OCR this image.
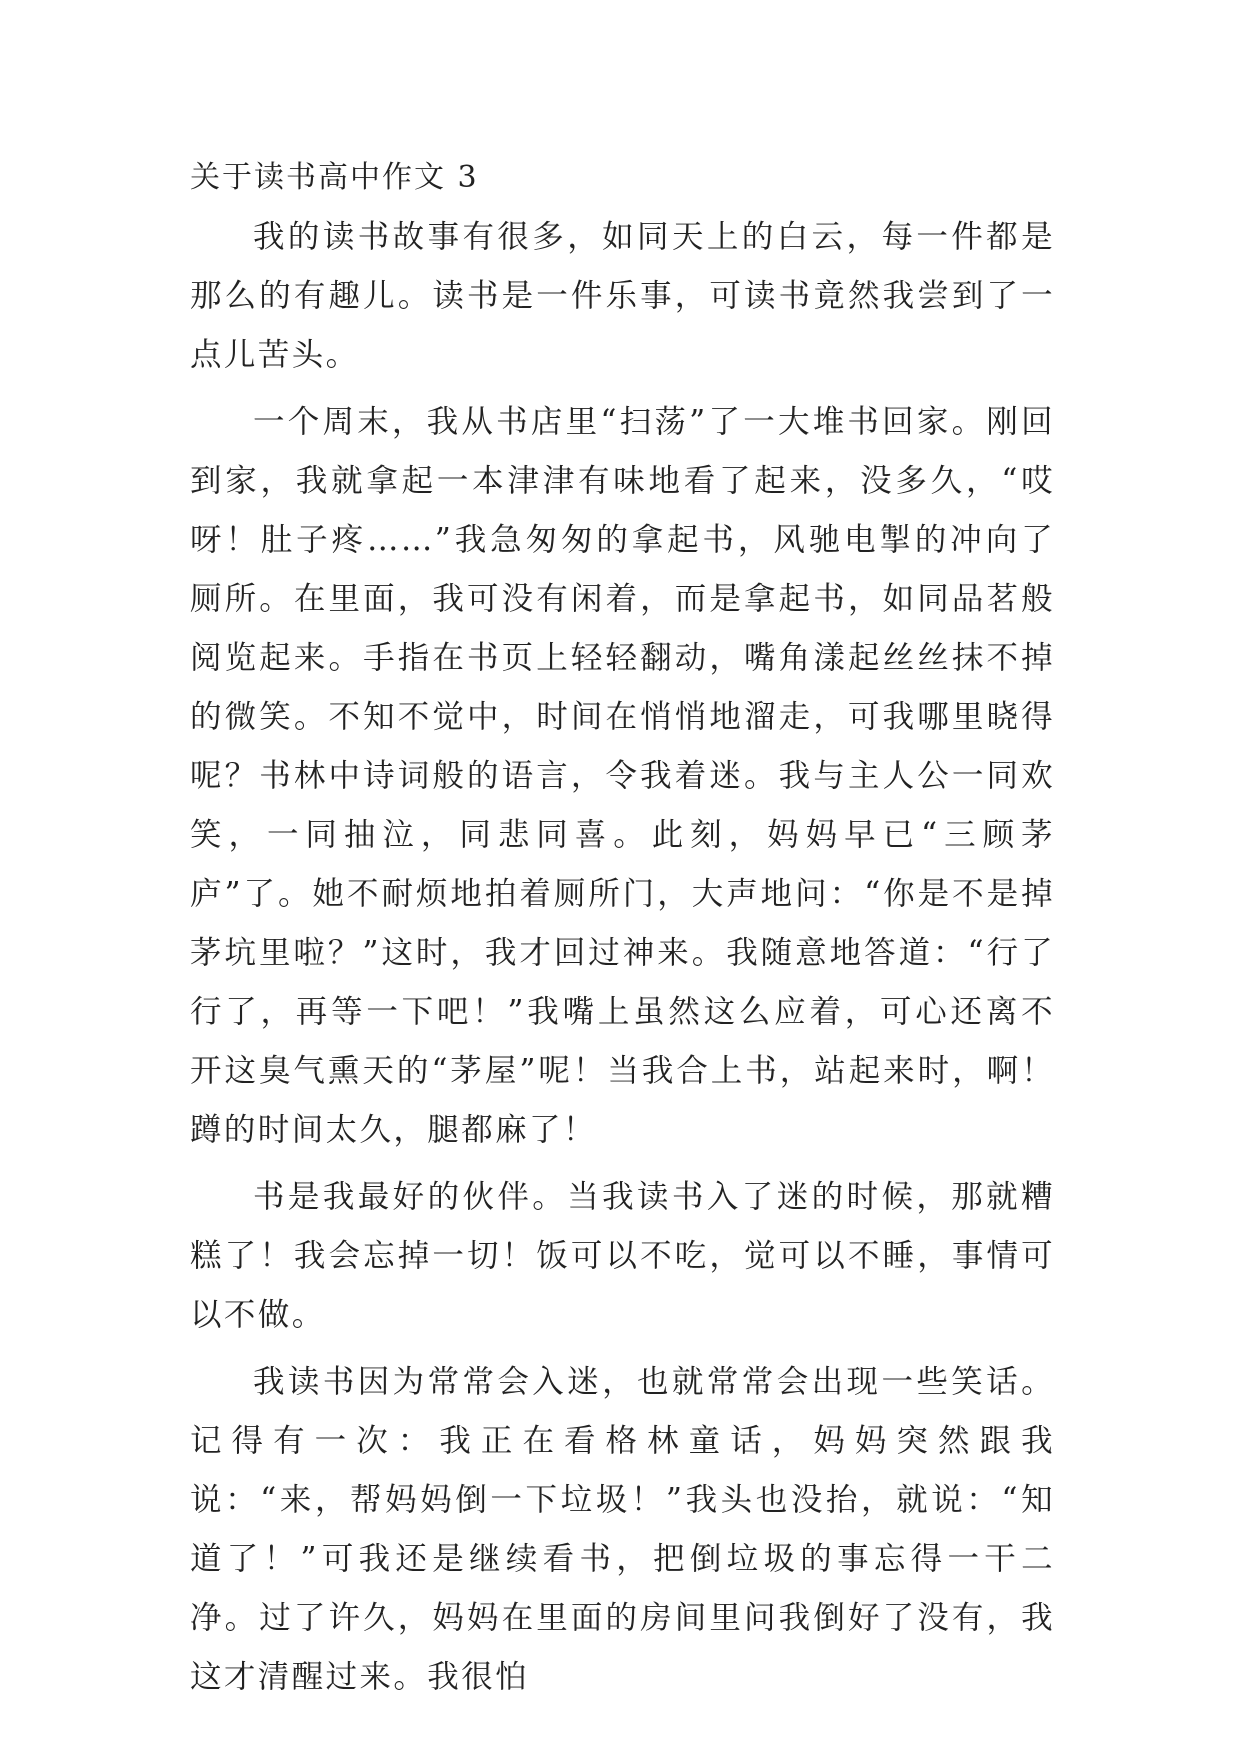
关于读书高中作文 3

我的读书故事有很多，如同天上的白云，每一件都是那么的有趣儿。读书是一件乐事，可读书竟然我尝到了一点儿苦头。

一个周末，我从书店里“扫荡”了一大堆书回家。刚回到家，我就拿起一本津津有味地看了起来，没多久，“哎呀！肚子疼……”我急匆匆的拿起书，风驰电掣的冲向了厕所。在里面，我可没有闲着，而是拿起书，如同品茗般阅览起来。手指在书页上轻轻翻动，嘴角漾起丝丝抹不掉的微笑。不知不觉中，时间在悄悄地溜走，可我哪里晓得呢？书林中诗词般的语言，令我着迷。我与主人公一同欢笑，一同抽泣，同悲同喜。此刻，妈妈早已“三顾茅庐”了。她不耐烦地拍着厕所门，大声地问：“你是不是掉茅坑里啦？”这时，我才回过神来。我随意地答道：“行了行了，再等一下吧！”我嘴上虽然这么应着，可心还离不开这臭气熏天的“茅屋”呢！当我合上书，站起来时，啊！蹲的时间太久，腿都麻了！

书是我最好的伙伴。当我读书入了迷的时候，那就糟糕了！我会忘掉一切！饭可以不吃，觉可以不睡，事情可以不做。

我读书因为常常会入迷，也就常常会出现一些笑话。记得有一次：我正在看格林童话，妈妈突然跟我说：“来，帮妈妈倒一下垃圾！”我头也没抬，就说：“知道了！”可我还是继续看书，把倒垃圾的事忘得一干二净。过了许久，妈妈在里面的房间里问我倒好了没有，我这才清醒过来。我很怕
